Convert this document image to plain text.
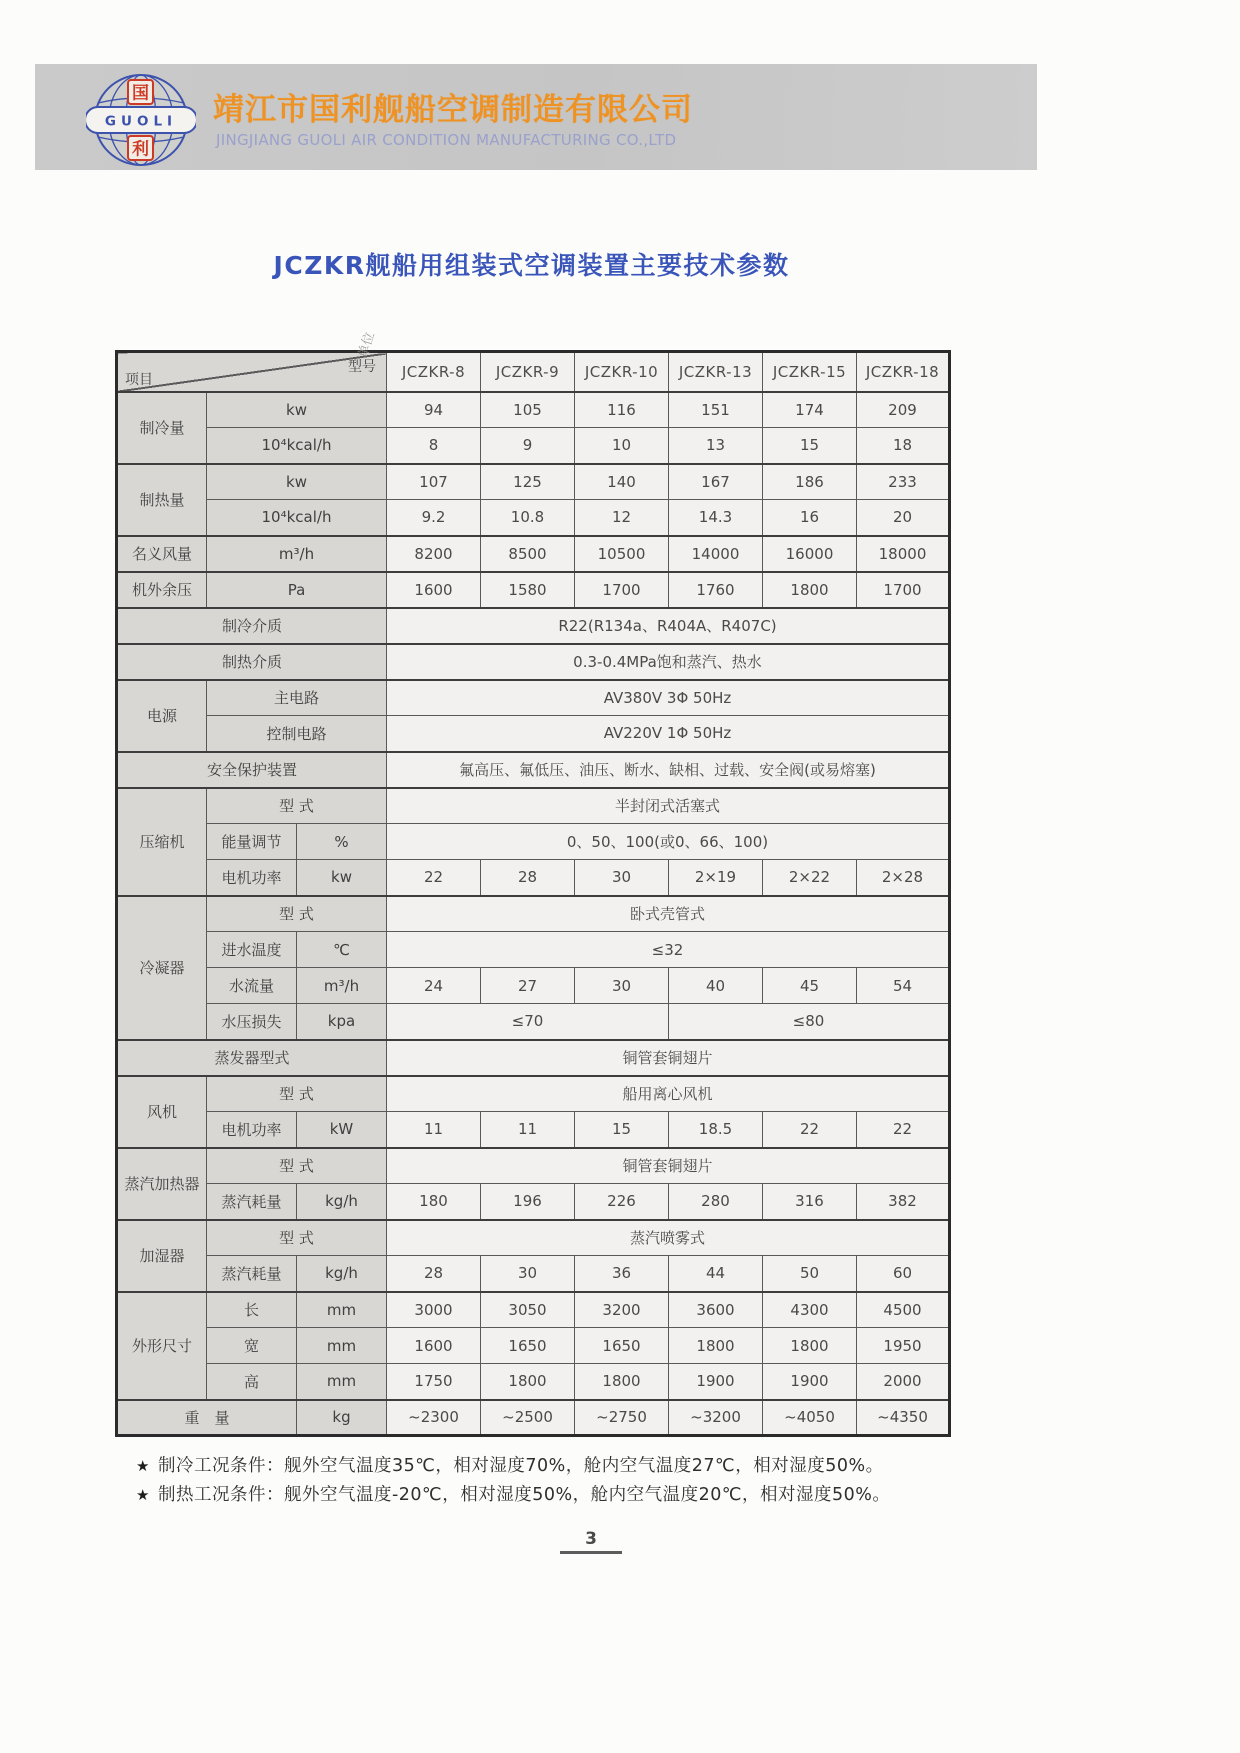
国
GUOLI
利
靖江市国利舰船空调制造有限公司
JINGJIANG GUOLI AIR CONDITION MANUFACTURING CO.,LTD
JCZKR舰船用组装式空调装置主要技术参数
项目
型号			JCZKR-8	JCZKR-9	JCZKR-10	JCZKR-13	JCZKR-15	JCZKR-18
制冷量	kw		94	105	116	151	174	209
	10⁴kcal/h		8	9	10	13	15	18
制热量	kw		107	125	140	167	186	233
	10⁴kcal/h		9.2	10.8	12	14.3	16	20
名义风量	m³/h		8200	8500	10500	14000	16000	18000
机外余压	Pa		1600	1580	1700	1760	1800	1700
制冷介质			R22(R134a、R404A、R407C)					
制热介质			0.3-0.4MPa饱和蒸汽、热水					
电源	主电路		AV380V 3Φ 50Hz					
	控制电路		AV220V 1Φ 50Hz					
安全保护装置			氟高压、氟低压、油压、断水、缺相、过载、安全阀(或易熔塞)					
压缩机	型 式		半封闭式活塞式					
	能量调节	%	0、50、100(或0、66、100)					
	电机功率	kw	22	28	30	2×19	2×22	2×28
冷凝器	型 式		卧式壳管式					
	进水温度	℃	≤32					
	水流量	m³/h	24	27	30	40	45	54
	水压损失	kpa	≤70			≤80		
蒸发器型式			铜管套铜翅片					
风机	型 式		船用离心风机					
	电机功率	kW	11	11	15	18.5	22	22
蒸汽加热器	型 式		铜管套铜翅片					
	蒸汽耗量	kg/h	180	196	226	280	316	382
加湿器	型 式		蒸汽喷雾式					
	蒸汽耗量	kg/h	28	30	36	44	50	60
外形尺寸	长	mm	3000	3050	3200	3600	4300	4500
	宽	mm	1600	1650	1650	1800	1800	1950
	高	mm	1750	1800	1800	1900	1900	2000
重　量		kg	~2300	~2500	~2750	~3200	~4050	~4350
单位
★ 制冷工况条件：舰外空气温度35℃，相对湿度70%，舱内空气温度27℃，相对湿度50%。
★ 制热工况条件：舰外空气温度-20℃，相对湿度50%，舱内空气温度20℃，相对湿度50%。
3
